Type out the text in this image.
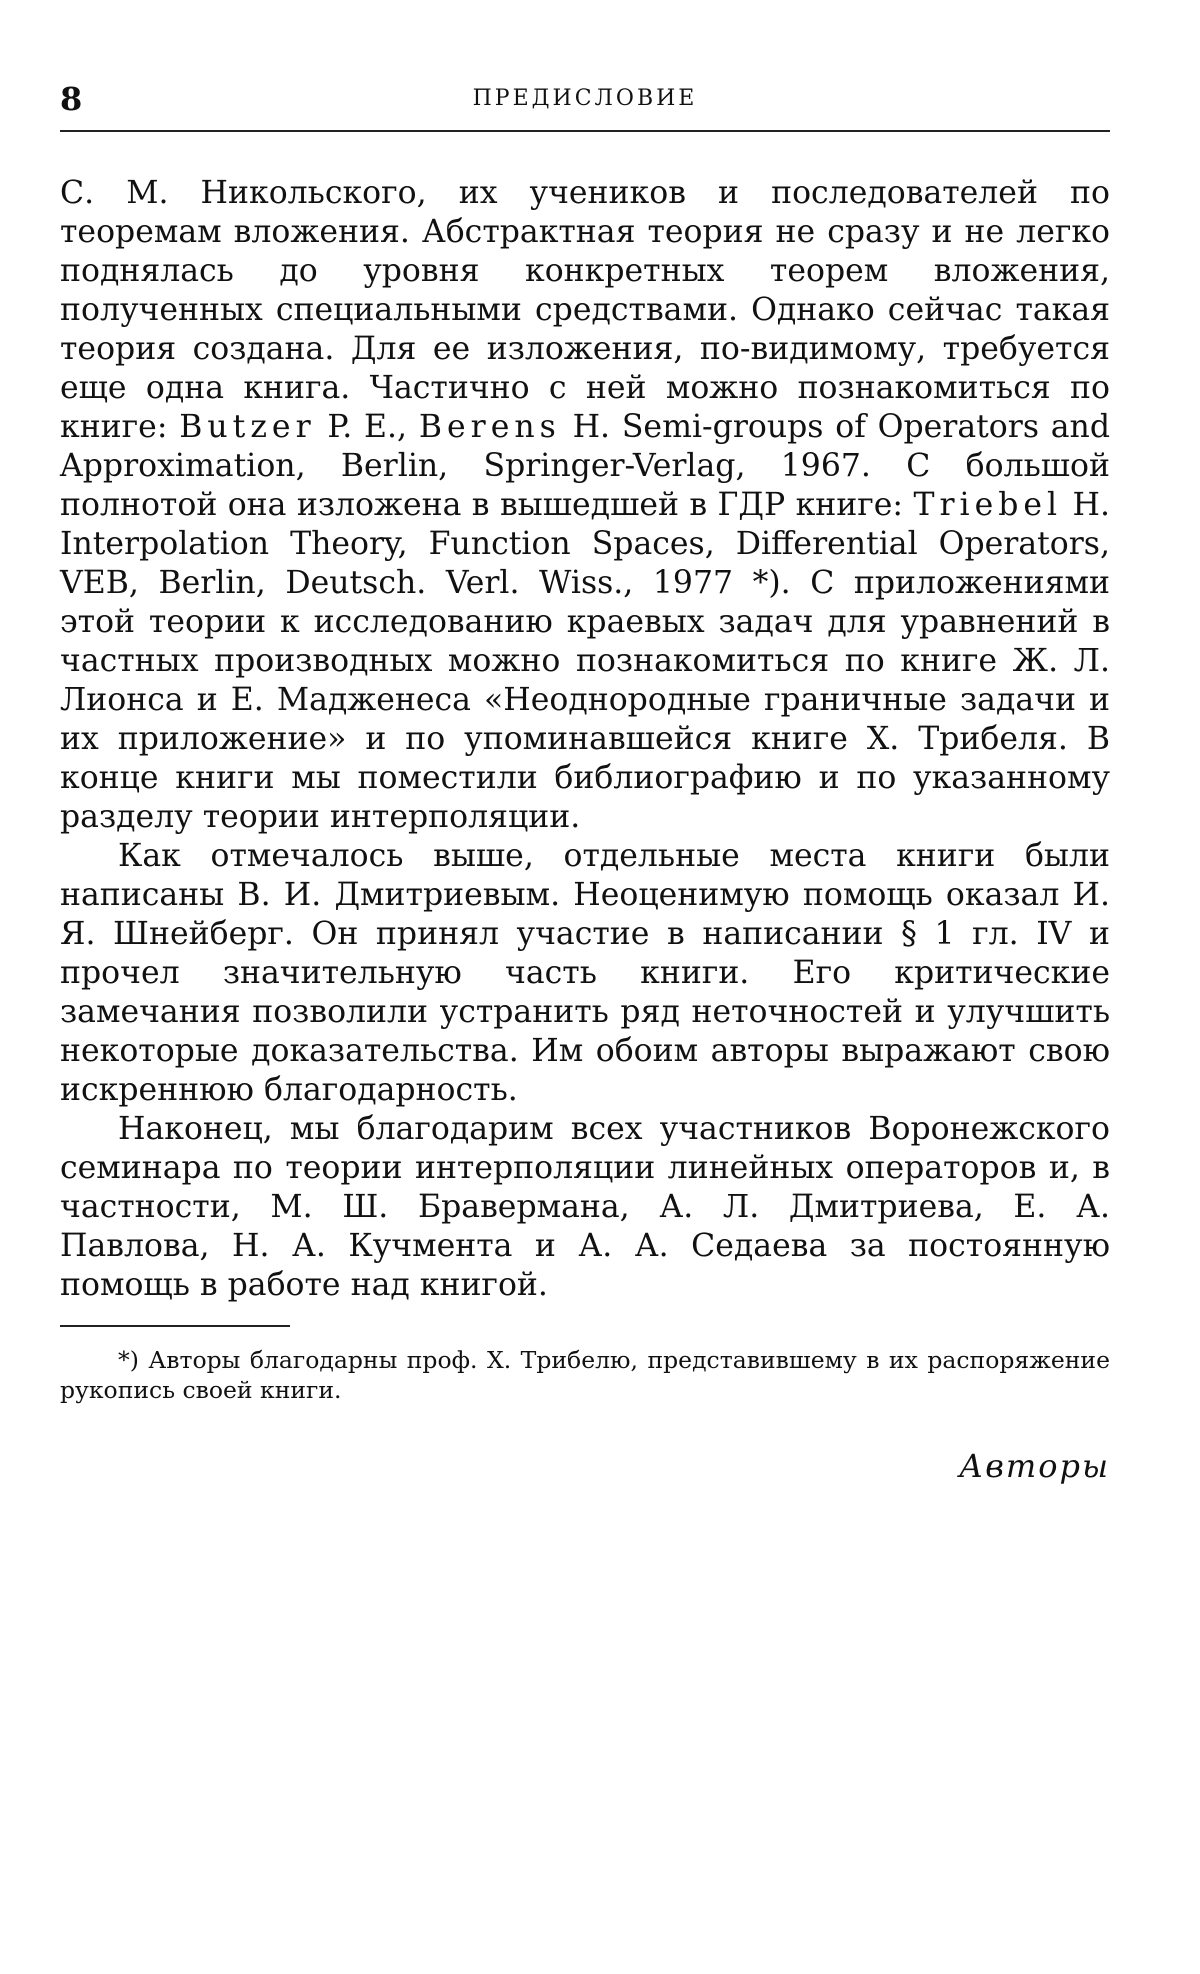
8	ПРЕДИСЛОВИЕ

С. М. Никольского, их учеников и последователей по теоремам вложения. Абстрактная теория не сразу и не легко поднялась до уровня конкретных теорем вложения, полученных специальными средствами. Однако сейчас такая теория создана. Для ее изложения, по-видимому, требуется еще одна книга. Частично с ней можно познакомиться по книге: Butzer P. E., Berens H. Semi-groups of Operators and Approximation, Berlin, Springer-Verlag, 1967. С большой полнотой она изложена в вышедшей в ГДР книге: Triebel H. Interpolation Theory, Function Spaces, Differential Operators, VEB, Berlin, Deutsch. Verl. Wiss., 1977 *). С приложениями этой теории к исследованию краевых задач для уравнений в частных производных можно познакомиться по книге Ж. Л. Лионса и Е. Мадженеса «Неоднородные граничные задачи и их приложение» и по упоминавшейся книге Х. Трибеля. В конце книги мы поместили библиографию и по указанному разделу теории интерполяции.

Как отмечалось выше, отдельные места книги были написаны В. И. Дмитриевым. Неоценимую помощь оказал И. Я. Шнейберг. Он принял участие в написании § 1 гл. IV и прочел значительную часть книги. Его критические замечания позволили устранить ряд неточностей и улучшить некоторые доказательства. Им обоим авторы выражают свою искреннюю благодарность.

Наконец, мы благодарим всех участников Воронежского семинара по теории интерполяции линейных операторов и, в частности, М. Ш. Бравермана, А. Л. Дмитриева, Е. А. Павлова, Н. А. Кучмента и А. А. Седаева за постоянную помощь в работе над книгой.

*) Авторы благодарны проф. Х. Трибелю, представившему в их распоряжение рукопись своей книги.
Авторы
